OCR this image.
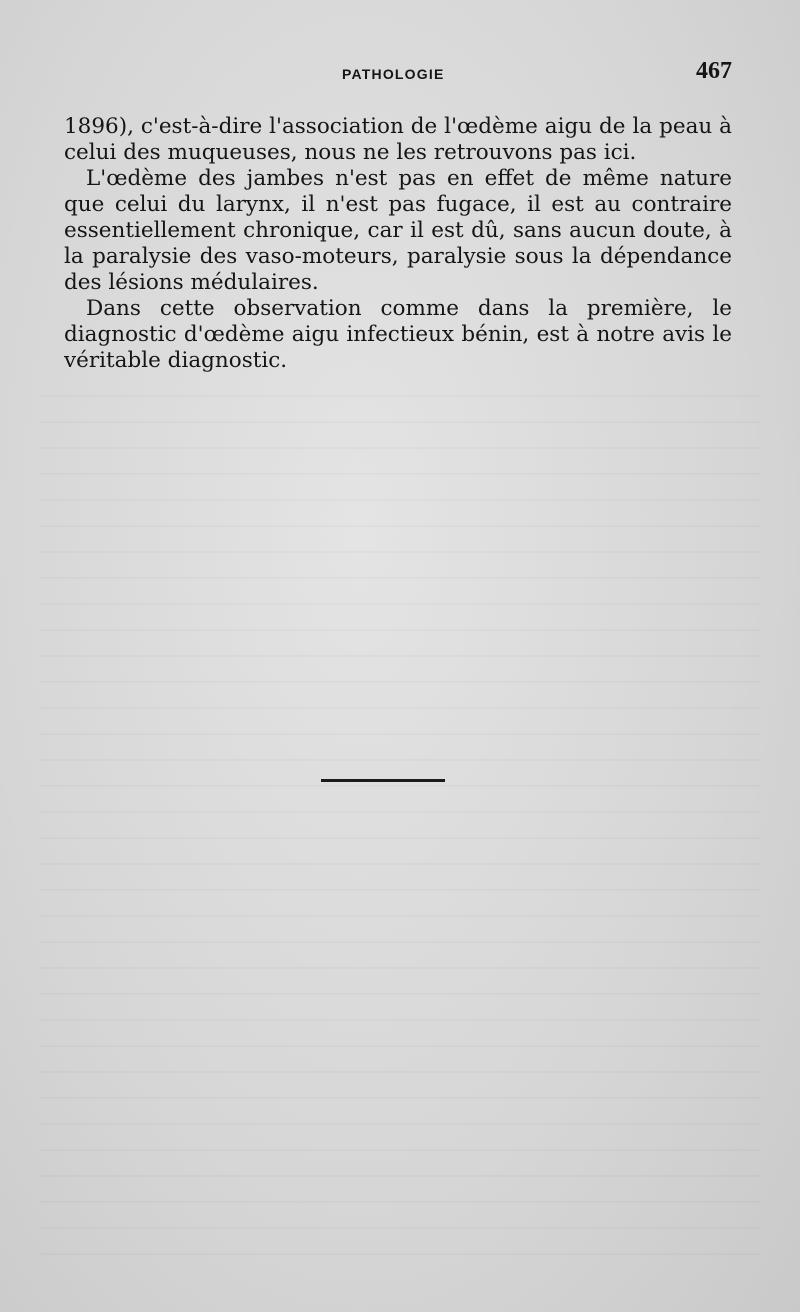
PATHOLOGIE	467

1896), c'est-à-dire l'association de l'œdème aigu de la peau à celui des muqueuses, nous ne les retrouvons pas ici.

L'œdème des jambes n'est pas en effet de même nature que celui du larynx, il n'est pas fugace, il est au contraire essentiellement chronique, car il est dû, sans aucun doute, à la paralysie des vaso-moteurs, paralysie sous la dépendance des lésions médulaires.

Dans cette observation comme dans la première, le diagnostic d'œdème aigu infectieux bénin, est à notre avis le véritable diagnostic.
